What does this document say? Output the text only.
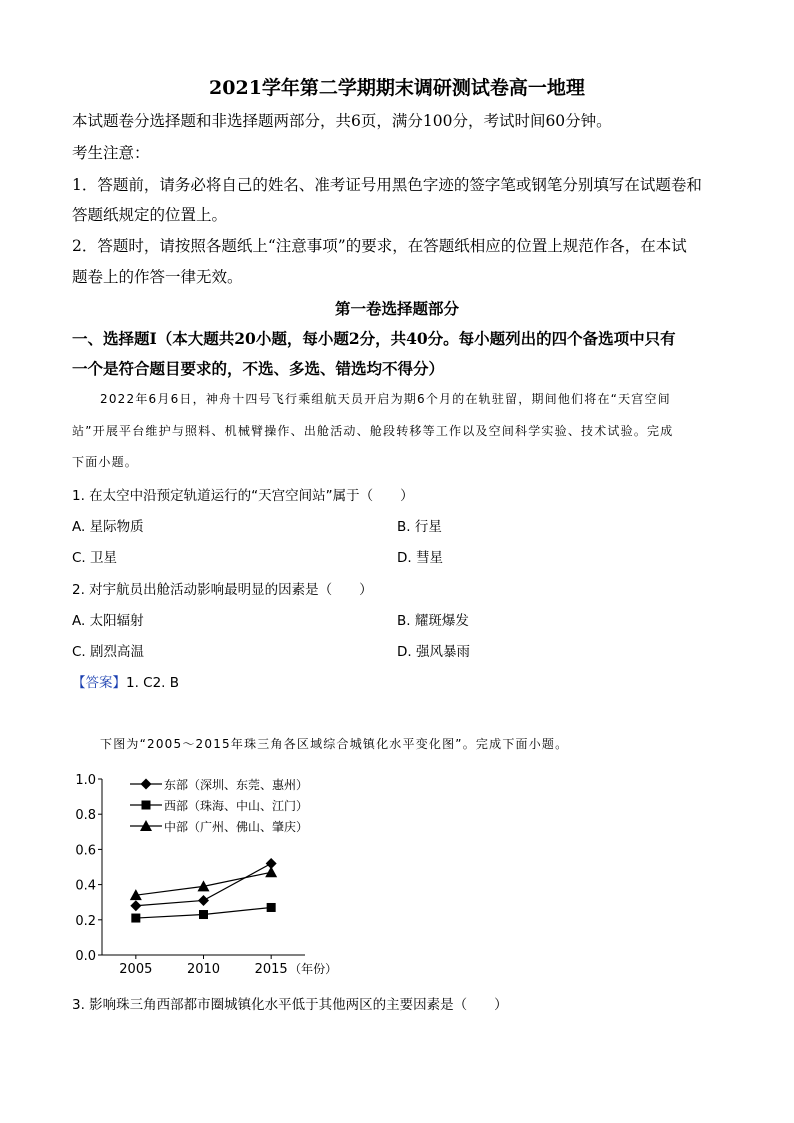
2021学年第二学期期末调研测试卷高一地理
本试题卷分选择题和非选择题两部分，共6页，满分100分，考试时间60分钟。
考生注意：
1．答题前，请务必将自己的姓名、准考证号用黑色字迹的签字笔或钢笔分别填写在试题卷和
答题纸规定的位置上。
2．答题时，请按照各题纸上“注意事项”的要求，在答题纸相应的位置上规范作各，在本试
题卷上的作答一律无效。
第一卷选择题部分
一、选择题Ⅰ（本大题共20小题，每小题2分，共40分。每小题列出的四个备选项中只有
一个是符合题目要求的，不选、多选、错选均不得分）
2022年6月6日，神舟十四号飞行乘组航天员开启为期6个月的在轨驻留，期间他们将在“天宫空间
站”开展平台维护与照料、机械臂操作、出舱活动、舱段转移等工作以及空间科学实验、技术试验。完成
下面小题。
1. 在太空中沿预定轨道运行的“天宫空间站”属于（　　）
A. 星际物质	B. 行星
C. 卫星	D. 彗星
2. 对宇航员出舱活动影响最明显的因素是（　　）
A. 太阳辐射	B. 耀斑爆发
C. 剧烈高温	D. 强风暴雨
【答案】1. C2. B
下图为“2005～2015年珠三角各区域综合城镇化水平变化图”。完成下面小题。
0.0
0.2
0.4
0.6
0.8
1.0
2005	2010	2015 （年份）
东部（深圳、东莞、惠州）
西部（珠海、中山、江门）
中部（广州、佛山、肇庆）
3. 影响珠三角西部都市圈城镇化水平低于其他两区的主要因素是（　　）
